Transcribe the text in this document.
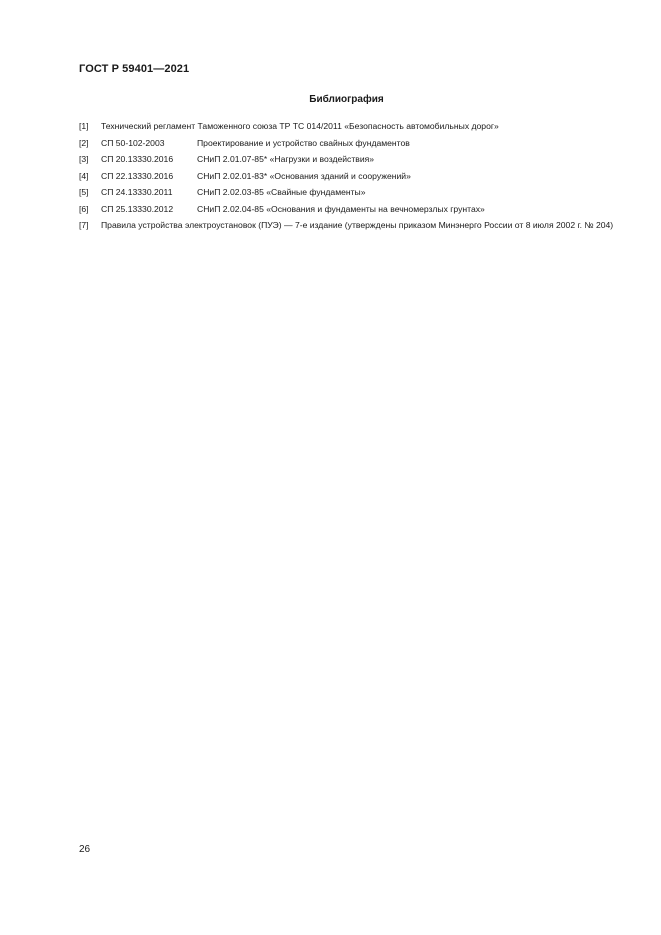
ГОСТ Р 59401—2021
Библиография
[1]	Технический регламент Таможенного союза ТР ТС 014/2011 «Безопасность автомобильных дорог»
[2]	СП 50-102-2003	Проектирование и устройство свайных фундаментов
[3]	СП 20.13330.2016	СНиП 2.01.07-85* «Нагрузки и воздействия»
[4]	СП 22.13330.2016	СНиП 2.02.01-83* «Основания зданий и сооружений»
[5]	СП 24.13330.2011	СНиП 2.02.03-85 «Свайные фундаменты»
[6]	СП 25.13330.2012	СНиП 2.02.04-85 «Основания и фундаменты на вечномерзлых грунтах»
[7]	Правила устройства электроустановок (ПУЭ) — 7-е издание (утверждены приказом Минэнерго России от 8 июля 2002 г. № 204)
26
